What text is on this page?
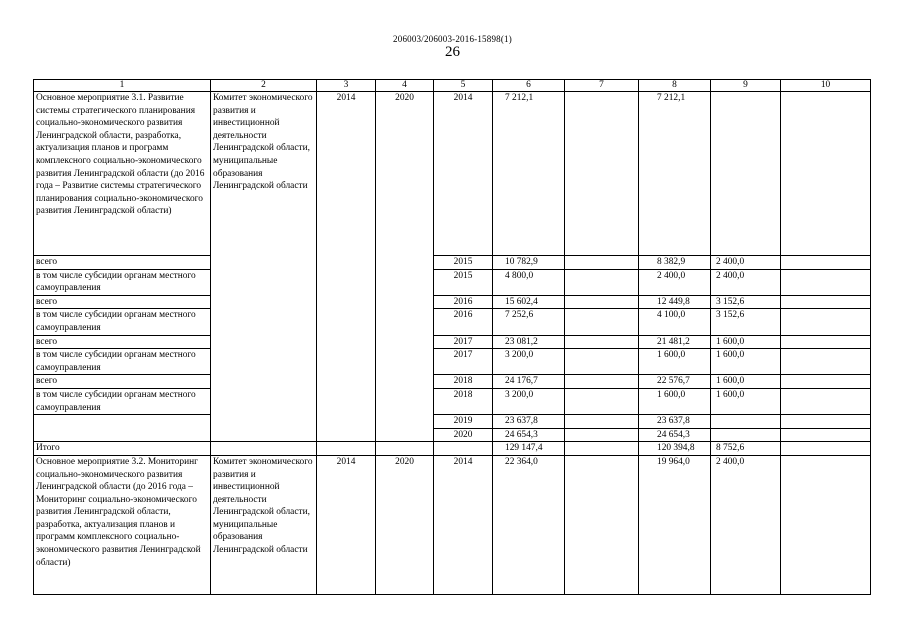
206003/206003-2016-15898(1)
26
1	2	3	4	5	6	7	8	9	10
Основное мероприятие 3.1. Развитие системы стратегического планирования социально-экономического развития Ленинградской области, разработка, актуализация планов и программ комплексного социально-экономического развития Ленинградской области (до 2016 года – Развитие системы стратегического планирования социально-экономического развития Ленинградской области)	Комитет экономического развития и инвестиционной деятельности Ленинградской области, муниципальные образования Ленинградской области	2014	2020	2014	7 212,1		7 212,1		
всего				2015	10 782,9		8 382,9	2 400,0	
в том числе субсидии органам местного самоуправления				2015	4 800,0		2 400,0	2 400,0	
всего				2016	15 602,4		12 449,8	3 152,6	
в том числе субсидии органам местного самоуправления				2016	7 252,6		4 100,0	3 152,6	
всего				2017	23 081,2		21 481,2	1 600,0	
в том числе субсидии органам местного самоуправления				2017	3 200,0		1 600,0	1 600,0	
всего				2018	24 176,7		22 576,7	1 600,0	
в том числе субсидии органам местного самоуправления				2018	3 200,0		1 600,0	1 600,0	
				2019	23 637,8		23 637,8		
				2020	24 654,3		24 654,3		
Итого					129 147,4		120 394,8	8 752,6	
Основное мероприятие 3.2. Мониторинг социально-экономического развития Ленинградской области (до 2016 года – Мониторинг социально-экономического развития Ленинградской области, разработка, актуализация планов и программ комплексного социально-экономического развития Ленинградской области)	Комитет экономического развития и инвестиционной деятельности Ленинградской области, муниципальные образования Ленинградской области	2014	2020	2014	22 364,0		19 964,0	2 400,0	
